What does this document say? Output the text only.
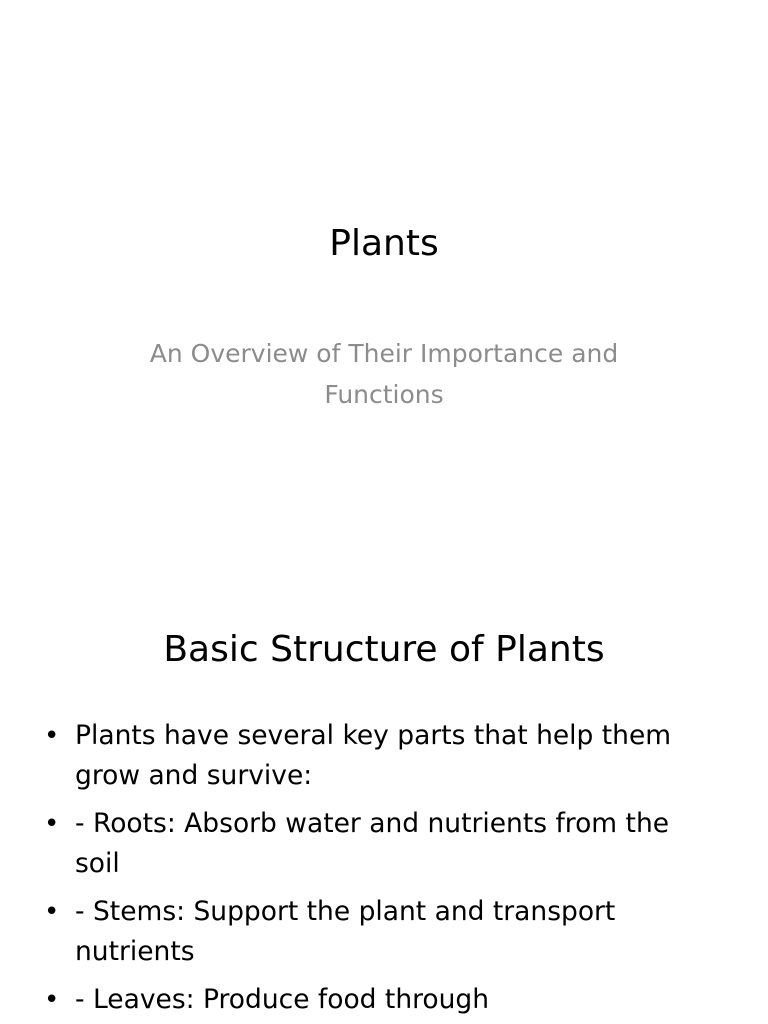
Plants
An Overview of Their Importance and Functions
Basic Structure of Plants
• Plants have several key parts that help them grow and survive:
• - Roots: Absorb water and nutrients from the soil
• - Stems: Support the plant and transport nutrients
• - Leaves: Produce food through
